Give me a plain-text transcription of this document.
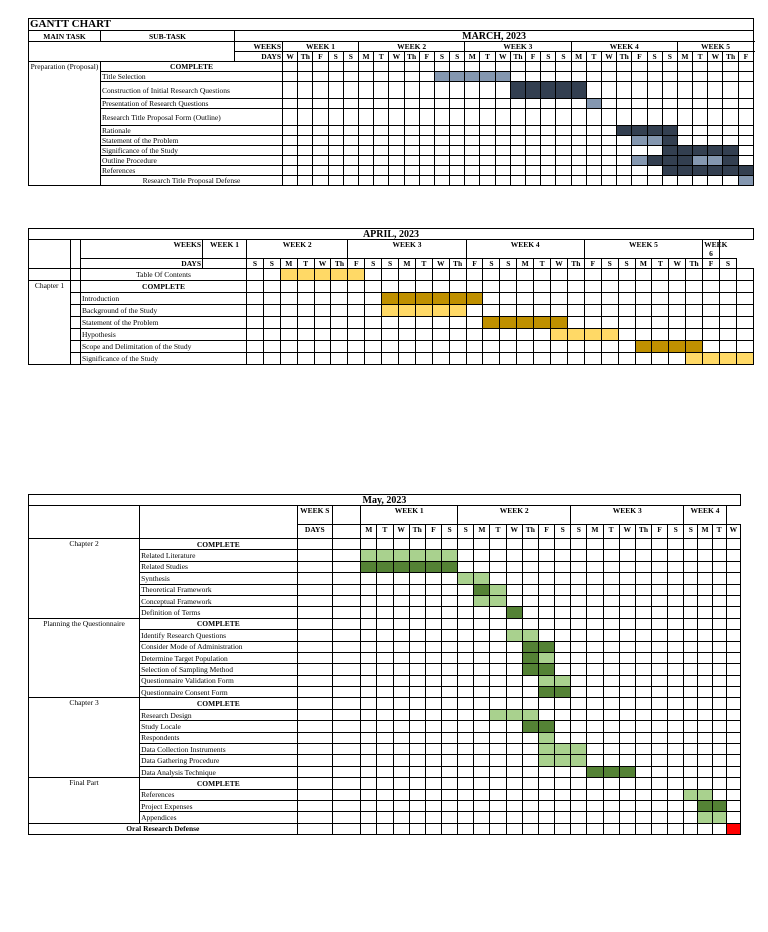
GANTT CHART																																	
MAIN TASK	SUB-TASK	MARCH, 2023																															
		WEEKS	WEEK 1					WEEK 2							WEEK 3							WEEK 4							WEEK 5				
		DAYS	W	Th	F	S	S	M	T	W	Th	F	S	S	M	T	W	Th	F	S	S	M	T	W	Th	F	S	S	M	T	W	Th	F
Preparation (Proposal)	COMPLETE																																
	Title Selection																																
	Construction of Initial Research Questions																																
	Presentation of Research Questions																																
	Research Title Proposal Form (Outline)																																
	Rationale																																
	Statement of the Problem																																
	Significance of the Study																																
	Outline Procedure																																
	References																																
	Research Title Proposal Defense																																
APRIL, 2023																																	
		WEEKS	WEEK 1	WEEK 2						WEEK 3							WEEK 4							WEEK 5							WEEK 6		
		DAYS		S	S	M	T	W	Th	F	S	S	M	T	W	Th	F	S	S	M	T	W	Th	F	S	S	M	T	W	Th	F	S	
		Table Of Contents																															
Chapter 1		COMPLETE																															
		Introduction																															
		Background of the Study																															
		Statement of the Problem																															
		Hypothesis																															
		Scope and Delimitation of the Study																															
		Significance of the Study																															
May, 2023																											
		WEEK S		WEEK 1						WEEK 2							WEEK 3							WEEK 4			
		DAYS		M	T	W	Th	F	S	S	M	T	W	Th	F	S	S	M	T	W	Th	F	S	S	M	T	W
Chapter 2	COMPLETE																										
	Related Literature																										
	Related Studies																										
	Synthesis																										
	Theoretical Framework																										
	Conceptual Framework																										
	Definition of Terms																										
Planning the Questionnaire	COMPLETE																										
	Identify Research Questions																										
	Consider Mode of Administration																										
	Determine Target Population																										
	Selection of Sampling Method																										
	Questionnaire Validation Form																										
	Questionnaire Consent Form																										
Chapter 3	COMPLETE																										
	Research Design																										
	Study Locale																										
	Respondents																										
	Data Collection Instruments																										
	Data Gathering Procedure																										
	Data Analysis Technique																										
Final Part	COMPLETE																										
	References																										
	Project Expenses																										
	Appendices																										
Oral Research Defense																											
